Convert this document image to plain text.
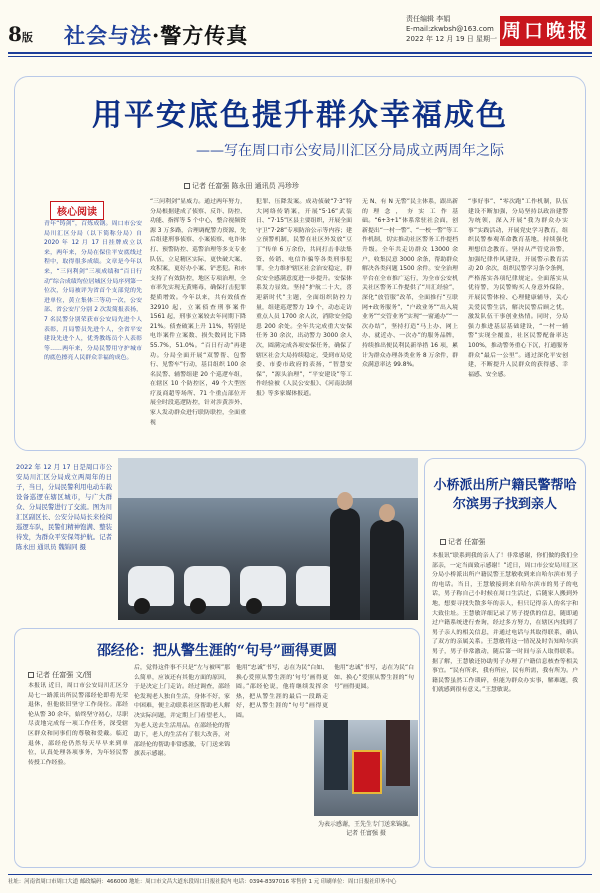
8版 社会与法·警方传真
责任编辑 李娟
E-mail:zkwbsh@163.com
2022 年 12 月 19 日 星期一 周口晚报
用平安底色提升群众幸福成色
——写在周口市公安局川汇区分局成立两周年之际
记者 任富强 陈永田 通讯员 冯珍珍
核心阅读
青年“铸剑”，百炼成钢。周口市公安局川汇区分局（以下简称分局）自 2020 年 12 月 17 日挂牌成立以来，两年来，分局在保住平安底线过程中，取得很多成绩。文章是今年以来，“三问利剑”三项成绩和“百日行动”综合成绩均位居城区分局序列第一位次，分局被评为省首个支部党的先进单位，黄立集体三等功一次，公安部、省公安厅分别 2 次发简报表扬，7 名民警分别荣获市公安局先进个人表彰，月局警员先进个人，全省平安建设先进个人，优秀教练员个人表彰等……两年来，分局民警用守护城市的底色擦亮人民群众幸福的成色。
“三问利剑”显威力。通过两年努力，分局根据建成了侦察、反诈、防控、功能、指挥等 5 个中心，整合视频资源 3 万多路，合理调配警力资源，先后组建刑事侦察、小案侦察、电诈体打、预警防控、巡警治理等多支专业队伍，立足精区实际，更快破大案、攻积案，更好办小案、铲恶犯。和亦支持了有效防控，地区专项治理，全市率先实现无黄赌毒，确保打击犯罪提质增效。今年以来，共有效侦查 32910 起，立案侦查刑事案件 1561 起，刑事立案较去年同期下降 21%。侦查破案上升 11%，特别是电诈案件立案数、损失数同比下降 55.7%，51.0%。“百日行动”再建功。分局全面开展“双警帮、包警行、见警车”行动，基目组织 100 余名民警、辅警组建 20 个巡逻车组，在辖区 10 个防控区，49 个大型医疗及商超等场所、71 个重点部位开展全时段巡逻防控，针对涉黄涉外、家人发动群众进行联防联控，全面重视
犯罪、压降发案。成功侦破“7·3”特大网络传销案，开展“5·16”武装日、“7·15”区县主要组织，开展全面守卫“7·28”专项防治公示等内容；建立预警机制，民警在社区外发放“豆丁”传单 6 万余份，共同打击非法集资、传销、电信诈骗等各类刑事犯罪，全力维护辖区社会治安稳定，群众安全感满意度进一步提升。安保体系发力显效。坚持“护航二十大，喜迎新时代”主题，全面组织防控力量，组建巡逻警力 19 个，动态走访重点人员 1700 余人次，消除安全隐患 200 余处。全年共完成重大安保任务 30 余次，出动警力 3000 余人次，圆满完成各项安保任务，确保了辖区社会大局持续稳定，受到市局党委、市委市政府的表扬，“智慧安保”，“源头治理”，“平安建设”等工作经验被《人民公安报》、《河南法制报》等多家媒体报道。
无 N、有 N 无警”民主体系，跟出新的理念，夯实工作基础。“6+3+1”体系常驻社会面，创新提出“一村一警”、“一校一警”等工作机制，切实推动社区警务工作提档升级。全年共走访群众 13000 余户，收集民意 3000 余条，帮助群众解决各类问题 1500 余件。安全治理平台在全市推广运行，为全市公安机关社区警务工作提供了“川汇经验”，深化“放管服”改革，全面推行“互联网+政务服务”，“户政业务”“出入境业务”“交管业务”实现“一窗通办”“一次办结”，坚持打造“马上办、网上办、就近办、一次办”的服务品牌，持续推出便民利民新举措 16 项，累计为群众办理各类业务 8 万余件，群众满意率达 99.8%。
“事好事”、“零次跑”工作机制，队伍建设不断加强，分局坚持以政治建警为统领，深入开展“我为群众办实事”实践活动，开展党史学习教育，组织民警参观革命教育基地，持续强化理想信念教育。坚持从严管党治警，加强纪律作风建设，开展警示教育活动 20 余次，组织民警学习条令条例，严格落实各项纪律规定。全面落实从优待警，为民警购买人身意外保险，开展民警体检、心理健康辅导，关心关爱民警生活，解决民警后顾之忧，激发队伍干事创业热情。同时，分局强力推进基层基础建设，“一村一辅警”实现全覆盖，社区民警配备率达 100%，推动警务重心下沉，打通服务群众“最后一公里”。通过深化平安创建，不断提升人民群众的获得感、幸福感、安全感。
2022 年 12 月 17 日是周口市公安局川汇区分局成立两周年的日子，当日，分局民警利用电动车载设备巡逻在辖区城市，与广大群众、分局民警进行了交流。图为川汇区副区长、公安分局局长来检阅巡逻车队，民警们精神饱满、整装待发，为群众平安保驾护航。记者 陈永田 通讯员 魏锦同 摄
小桥派出所户籍民警帮哈尔滨男子找到亲人
记者 任富强
本报讯“联系到我的亲人了！非常感谢，你们做的我们全部亲，一定当面致示感谢！”近日，周口市公安局川汇区分局小桥派出所户籍民警王慧敏收到来自哈尔滨市男子的电话。当日，王慧敏接到来自哈尔滨市的男子的电话，男子称自己小时候在周口生活过，后随家人搬到外地，想要寻找失散多年的亲人，但只记得亲人的名字和大致住址。王慧敏详细记录了男子提供的信息，随即通过户籍系统进行查询，经过多方努力，在辖区内找到了男子亲人的相关信息，并通过电话与其取得联系，确认了双方的亲属关系。王慧敏将这一情况及时告知哈尔滨男子，男子非常激动，随后第一时间与亲人取得联系。据了解，王慧敏还协助男子办理了户籍信息核查等相关事宜。“民有所求，我有所应，民有所需，我有所为。户籍民警虽然工作琐碎，但能为群众办实事，解难题，我们就感到很有意义。”王慧敏说。
邵经伦：把从警生涯的“句号”画得更圆
记者 任富强 文/图
本报讯 近日，周口市公安局川汇区分局七一路派出所民警邵经伦即将光荣退休，但他依旧坚守工作岗位。邵经伦从警 30 余年，始终坚守初心，尽职尽责地完成每一项工作任务，深受辖区群众和同事们的尊敬和爱戴。临近退休，邵经伦仍然每天早早来到单位，认真处理各项事务，为年轻民警传授工作经验。
后，觉得这件事不只是“左与被叫”那么简单，应该还有其他方面的原因，于是决定上门走访。经过调查，邵经伦发现老人独自生活，身体不好，家中困难，便主动联系社区帮助老人解决实际问题，并定期上门看望老人，为老人送去生活用品。在邵经伦的帮助下，老人的生活有了很大改善，对邵经伦的帮助非常感激，专门送来锦旗表示感谢。
他用“忠诚”书写，志在为民“白如、换心爱照从警生涯的‘句号’画得更圆。”邵经伦说，他将继续发挥余热，把从警生涯的最后一段路走好，把从警生涯的“句号”画得更圆。
他用“忠诚”书写，志在为民“白如、换心”爱照从警生涯的“句号”画得更圆。
为表示感谢，王先生专门送来锦旗。记者 任富强 摄
社址：河南省周口市周口大道 邮政编码：466000 地址：周口市文昌大道东段周口日报社院内 电话：0394-8397016 零售价 1 元 印刷单位：周口日报社印务中心
